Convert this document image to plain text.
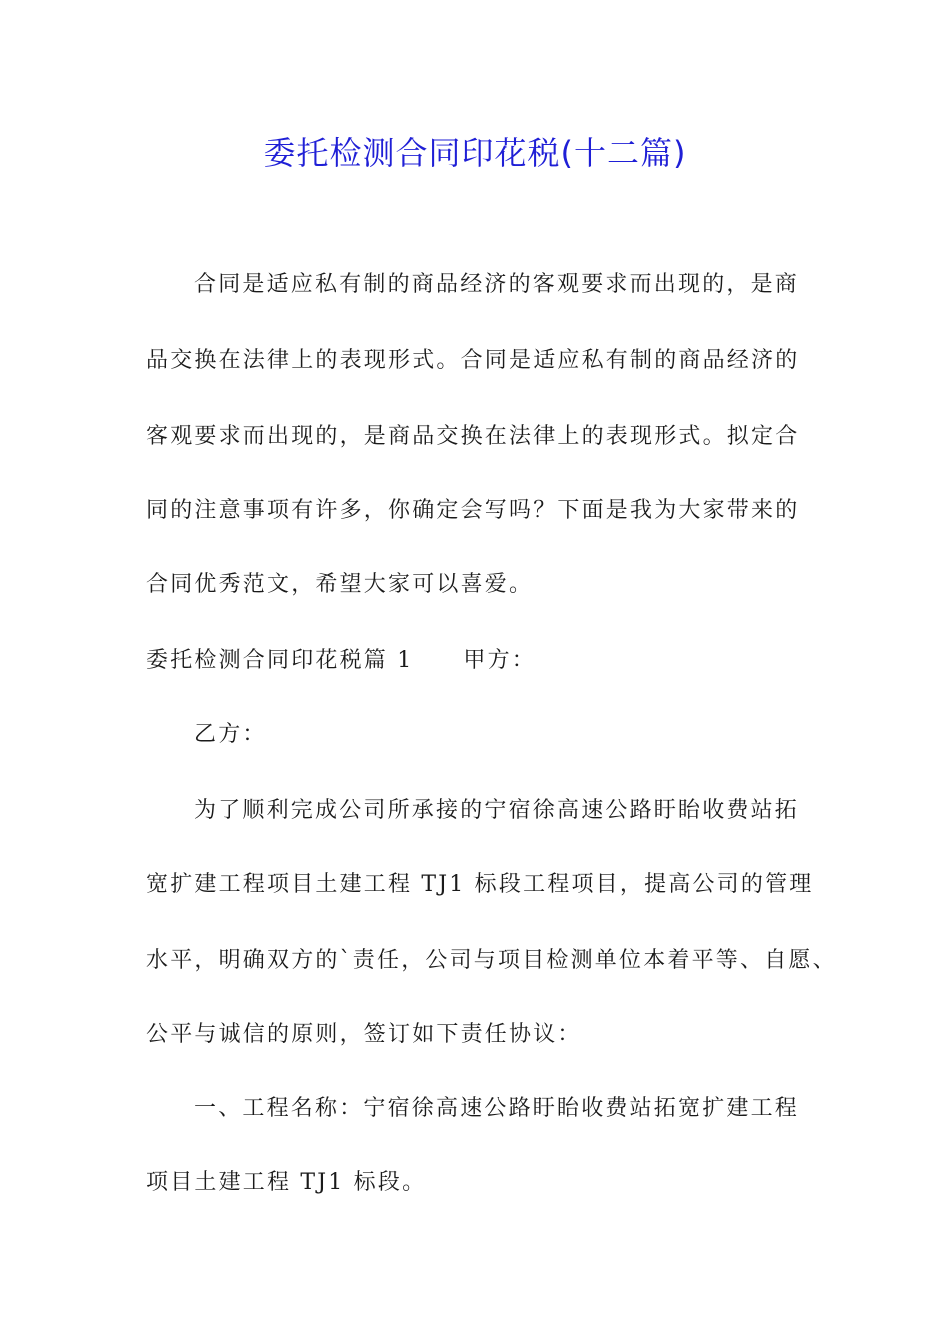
委托检测合同印花税(十二篇)
合同是适应私有制的商品经济的客观要求而出现的，是商
品交换在法律上的表现形式。合同是适应私有制的商品经济的
客观要求而出现的，是商品交换在法律上的表现形式。拟定合
同的注意事项有许多，你确定会写吗？下面是我为大家带来的
合同优秀范文，希望大家可以喜爱。
委托检测合同印花税篇 1 甲方：
乙方：
为了顺利完成公司所承接的宁宿徐高速公路盱眙收费站拓
宽扩建工程项目土建工程 TJ1 标段工程项目，提高公司的管理
水平，明确双方的`责任，公司与项目检测单位本着平等、自愿、
公平与诚信的原则，签订如下责任协议：
一、工程名称：宁宿徐高速公路盱眙收费站拓宽扩建工程
项目土建工程 TJ1 标段。
